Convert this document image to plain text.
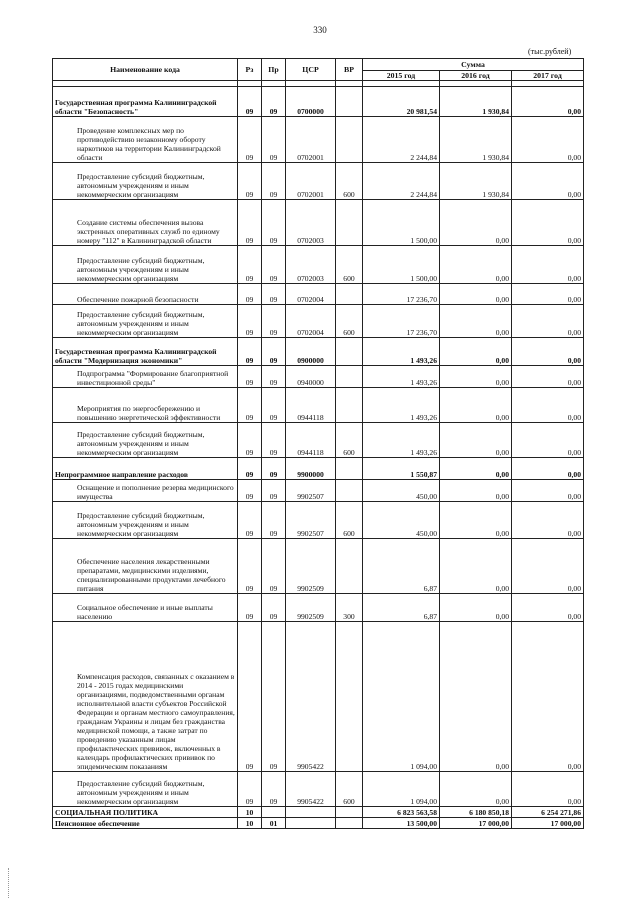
330
(тыс.рублей)
Наименование кода	Рз	Пр	ЦСР	ВР	Сумма		
					2015 год	2016 год	2017 год

Государственная программа Калининградской области "Безопасность"	09	09	0700000		20 981,54	1 930,84	0,00
Проведение комплексных мер по противодействию незаконному обороту наркотиков на территории Калининградской области	09	09	0702001		2 244,84	1 930,84	0,00
Предоставление субсидий бюджетным, автономным учреждениям и иным некоммерческим организациям	09	09	0702001	600	2 244,84	1 930,84	0,00
Создание системы обеспечения вызова экстренных оперативных служб по единому номеру "112" в Калининградской области	09	09	0702003		1 500,00	0,00	0,00
Предоставление субсидий бюджетным, автономным учреждениям и иным некоммерческим организациям	09	09	0702003	600	1 500,00	0,00	0,00
Обеспечение пожарной безопасности	09	09	0702004		17 236,70	0,00	0,00
Предоставление субсидий бюджетным, автономным учреждениям и иным некоммерческим организациям	09	09	0702004	600	17 236,70	0,00	0,00
Государственная программа Калининградской области "Модернизация экономики"	09	09	0900000		1 493,26	0,00	0,00
Подпрограмма "Формирование благоприятной инвестиционной среды"	09	09	0940000		1 493,26	0,00	0,00
Мероприятия по энергосбережению и повышению энергетической эффективности	09	09	0944118		1 493,26	0,00	0,00
Предоставление субсидий бюджетным, автономным учреждениям и иным некоммерческим организациям	09	09	0944118	600	1 493,26	0,00	0,00
Непрограммное направление расходов	09	09	9900000		1 550,87	0,00	0,00
Оснащение и пополнение резерва медицинского имущества	09	09	9902507		450,00	0,00	0,00
Предоставление субсидий бюджетным, автономным учреждениям и иным некоммерческим организациям	09	09	9902507	600	450,00	0,00	0,00
Обеспечение населения лекарственными препаратами, медицинскими изделиями, специализированными продуктами лечебного питания	09	09	9902509		6,87	0,00	0,00
Социальное обеспечение и иные выплаты населению	09	09	9902509	300	6,87	0,00	0,00
Компенсация расходов, связанных с оказанием в 2014 - 2015 годах медицинскими организациями, подведомственными органам исполнительной власти субъектов Российской Федерации и органам местного самоуправления, гражданам Украины и лицам без гражданства медицинской помощи, а также затрат по проведению указанным лицам профилактических прививок, включенных в календарь профилактических прививок по эпидемическим показаниям	09	09	9905422		1 094,00	0,00	0,00
Предоставление субсидий бюджетным, автономным учреждениям и иным некоммерческим организациям	09	09	9905422	600	1 094,00	0,00	0,00
СОЦИАЛЬНАЯ ПОЛИТИКА	10				6 823 563,58	6 180 850,18	6 254 271,86
Пенсионное обеспечение	10	01			13 500,00	17 000,00	17 000,00
